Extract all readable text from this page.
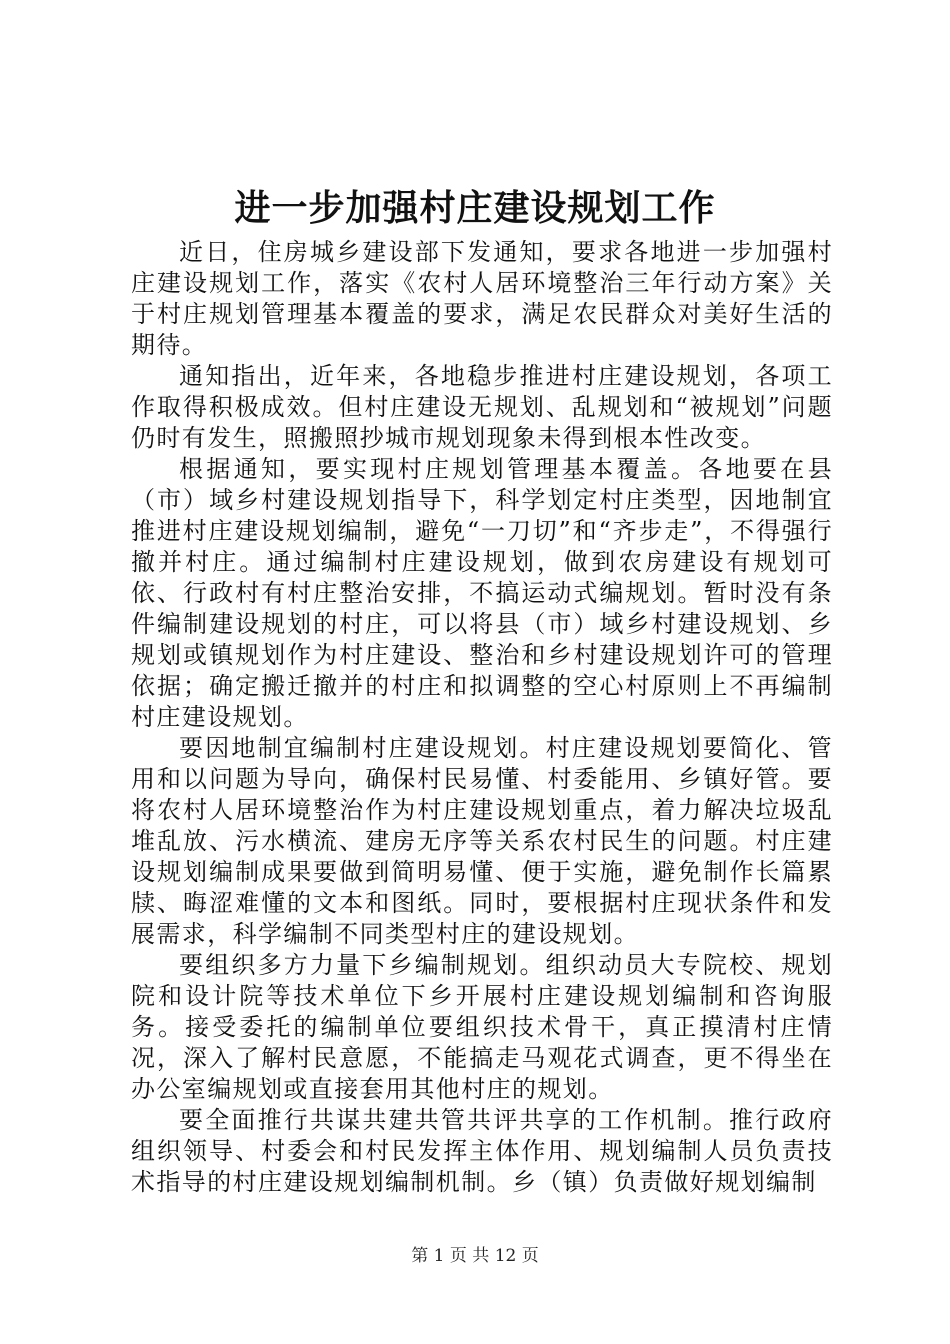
进一步加强村庄建设规划工作

近日，住房城乡建设部下发通知，要求各地进一步加强村庄建设规划工作，落实《农村人居环境整治三年行动方案》关于村庄规划管理基本覆盖的要求，满足农民群众对美好生活的期待。

通知指出，近年来，各地稳步推进村庄建设规划，各项工作取得积极成效。但村庄建设无规划、乱规划和“被规划”问题仍时有发生，照搬照抄城市规划现象未得到根本性改变。

根据通知，要实现村庄规划管理基本覆盖。各地要在县（市）域乡村建设规划指导下，科学划定村庄类型，因地制宜推进村庄建设规划编制，避免“一刀切”和“齐步走”，不得强行撤并村庄。通过编制村庄建设规划，做到农房建设有规划可依、行政村有村庄整治安排，不搞运动式编规划。暂时没有条件编制建设规划的村庄，可以将县（市）域乡村建设规划、乡规划或镇规划作为村庄建设、整治和乡村建设规划许可的管理依据；确定搬迁撤并的村庄和拟调整的空心村原则上不再编制村庄建设规划。

要因地制宜编制村庄建设规划。村庄建设规划要简化、管用和以问题为导向，确保村民易懂、村委能用、乡镇好管。要将农村人居环境整治作为村庄建设规划重点，着力解决垃圾乱堆乱放、污水横流、建房无序等关系农村民生的问题。村庄建设规划编制成果要做到简明易懂、便于实施，避免制作长篇累牍、晦涩难懂的文本和图纸。同时，要根据村庄现状条件和发展需求，科学编制不同类型村庄的建设规划。

要组织多方力量下乡编制规划。组织动员大专院校、规划院和设计院等技术单位下乡开展村庄建设规划编制和咨询服务。接受委托的编制单位要组织技术骨干，真正摸清村庄情况，深入了解村民意愿，不能搞走马观花式调查，更不得坐在办公室编规划或直接套用其他村庄的规划。

要全面推行共谋共建共管共评共享的工作机制。推行政府组织领导、村委会和村民发挥主体作用、规划编制人员负责技术指导的村庄建设规划编制机制。乡（镇）负责做好规划编制

第 1 页 共 12 页
